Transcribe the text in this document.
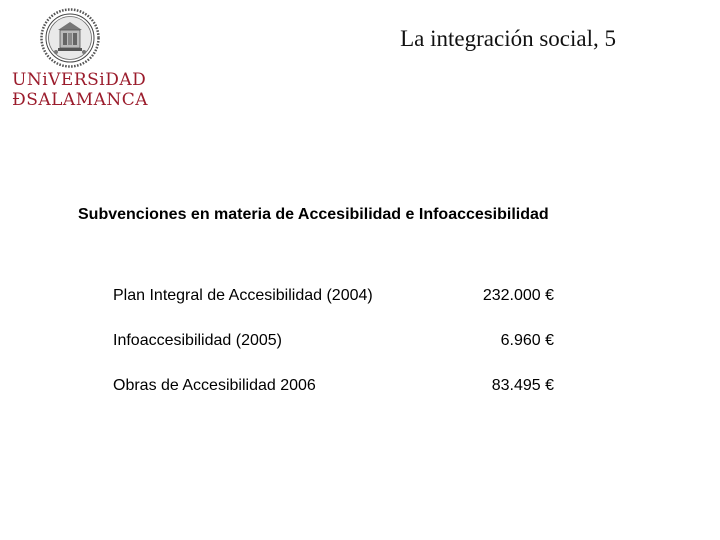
UNiVERSiDAD
ÐSALAMANCA
La integración social, 5
Subvenciones en materia de Accesibilidad e Infoaccesibilidad
Plan Integral de Accesibilidad (2004)	232.000 €
Infoaccesibilidad (2005)	6.960 €
Obras de Accesibilidad 2006	83.495 €
